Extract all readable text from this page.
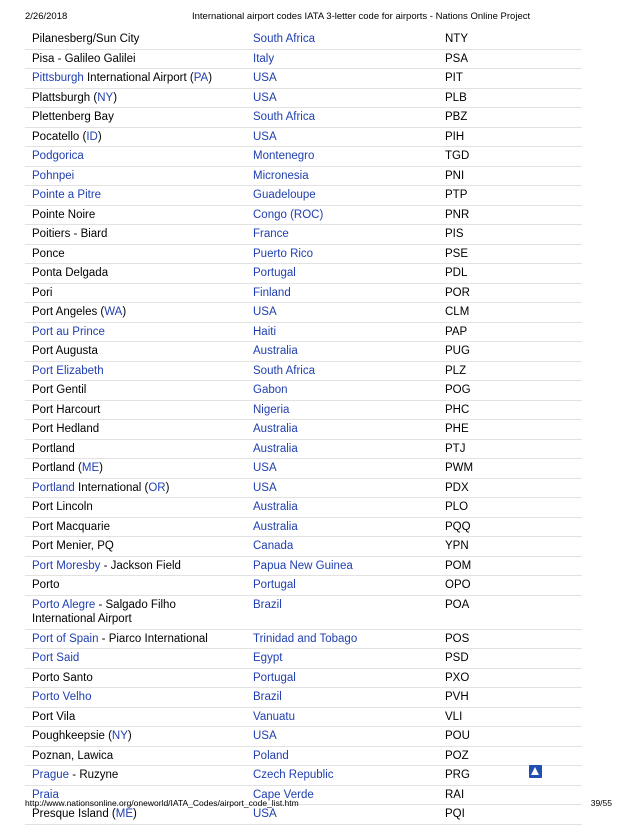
2/26/2018	International airport codes IATA 3-letter code for airports - Nations Online Project
Pilanesberg/Sun City	South Africa	NTY
Pisa - Galileo Galilei	Italy	PSA
Pittsburgh International Airport (PA)	USA	PIT
Plattsburgh (NY)	USA	PLB
Plettenberg Bay	South Africa	PBZ
Pocatello (ID)	USA	PIH
Podgorica	Montenegro	TGD
Pohnpei	Micronesia	PNI
Pointe a Pitre	Guadeloupe	PTP
Pointe Noire	Congo (ROC)	PNR
Poitiers - Biard	France	PIS
Ponce	Puerto Rico	PSE
Ponta Delgada	Portugal	PDL
Pori	Finland	POR
Port Angeles (WA)	USA	CLM
Port au Prince	Haiti	PAP
Port Augusta	Australia	PUG
Port Elizabeth	South Africa	PLZ
Port Gentil	Gabon	POG
Port Harcourt	Nigeria	PHC
Port Hedland	Australia	PHE
Portland	Australia	PTJ
Portland (ME)	USA	PWM
Portland International (OR)	USA	PDX
Port Lincoln	Australia	PLO
Port Macquarie	Australia	PQQ
Port Menier, PQ	Canada	YPN
Port Moresby - Jackson Field	Papua New Guinea	POM
Porto	Portugal	OPO
Porto Alegre - Salgado Filho International Airport	Brazil	POA
Port of Spain - Piarco International	Trinidad and Tobago	POS
Port Said	Egypt	PSD
Porto Santo	Portugal	PXO
Porto Velho	Brazil	PVH
Port Vila	Vanuatu	VLI
Poughkeepsie (NY)	USA	POU
Poznan, Lawica	Poland	POZ
Prague - Ruzyne	Czech Republic	PRG
Praia	Cape Verde	RAI
Presque Island (ME)	USA	PQI
http://www.nationsonline.org/oneworld/IATA_Codes/airport_code_list.htm	39/55
